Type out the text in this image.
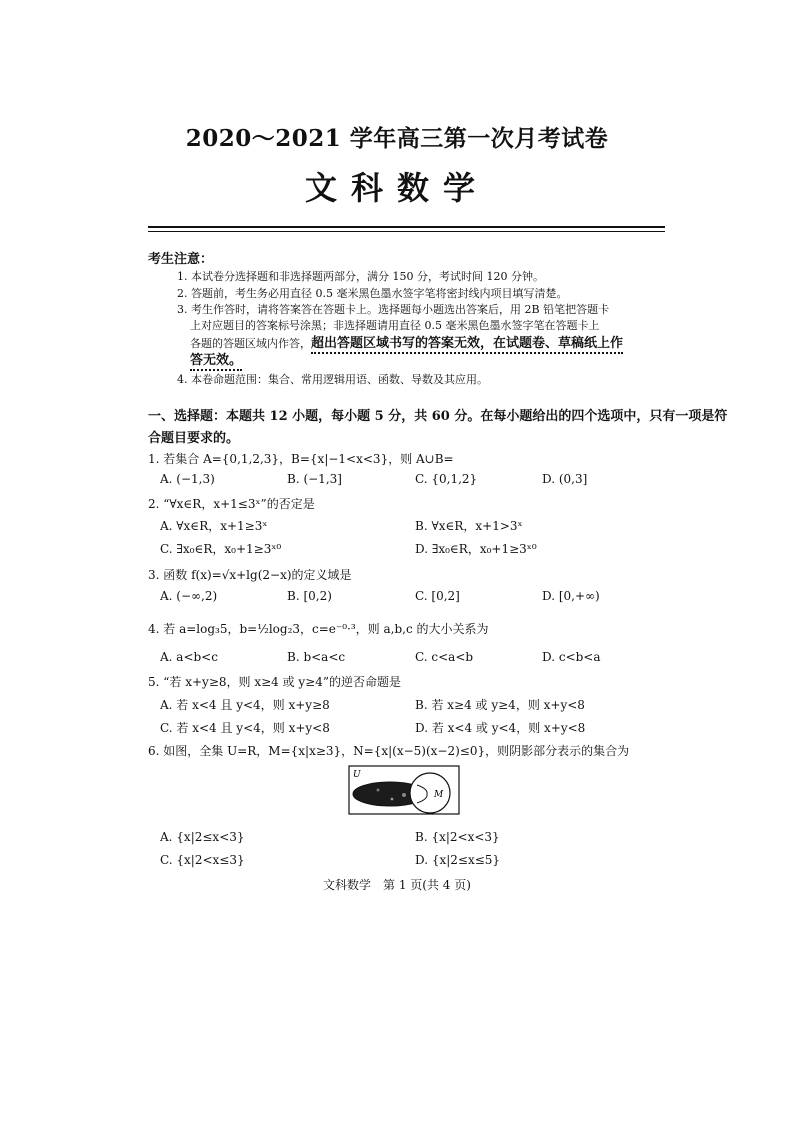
2020～2021 学年高三第一次月考试卷
文科数学
考生注意：
1. 本试卷分选择题和非选择题两部分，满分 150 分，考试时间 120 分钟。
2. 答题前，考生务必用直径 0.5 毫米黑色墨水签字笔将密封线内项目填写清楚。
3. 考生作答时，请将答案答在答题卡上。选择题每小题选出答案后，用 2B 铅笔把答题卡
上对应题目的答案标号涂黑；非选择题请用直径 0.5 毫米黑色墨水签字笔在答题卡上
各题的答题区域内作答，超出答题区域书写的答案无效，在试题卷、草稿纸上作
答无效。
4. 本卷命题范围：集合、常用逻辑用语、函数、导数及其应用。
一、选择题：本题共 12 小题，每小题 5 分，共 60 分。在每小题给出的四个选项中，只有一项是符
合题目要求的。
1. 若集合 A={0,1,2,3}，B={x|−1<x<3}，则 A∪B=
A. (−1,3)	B. (−1,3]	C. {0,1,2}	D. (0,3]
2. “∀x∈R，x+1≤3ˣ”的否定是
A. ∀x∈R，x+1≥3ˣ	B. ∀x∈R，x+1>3ˣ
C. ∃x₀∈R，x₀+1≥3ˣ⁰	D. ∃x₀∈R，x₀+1≥3ˣ⁰
3. 函数 f(x)=√x+lg(2−x)的定义域是
A. (−∞,2)	B. [0,2)	C. [0,2]	D. [0,+∞)
4. 若 a=log₃5，b=½log₂3，c=e⁻⁰·³，则 a,b,c 的大小关系为
A. a<b<c	B. b<a<c	C. c<a<b	D. c<b<a
5. “若 x+y≥8，则 x≥4 或 y≥4”的逆否命题是
A. 若 x<4 且 y<4，则 x+y≥8	B. 若 x≥4 或 y≥4，则 x+y<8
C. 若 x<4 且 y<4，则 x+y<8	D. 若 x<4 或 y<4，则 x+y<8
6. 如图，全集 U=R，M={x|x≥3}，N={x|(x−5)(x−2)≤0}，则阴影部分表示的集合为
U
M
A. {x|2≤x<3}	B. {x|2<x<3}
C. {x|2<x≤3}	D. {x|2≤x≤5}
文科数学　第 1 页(共 4 页)
